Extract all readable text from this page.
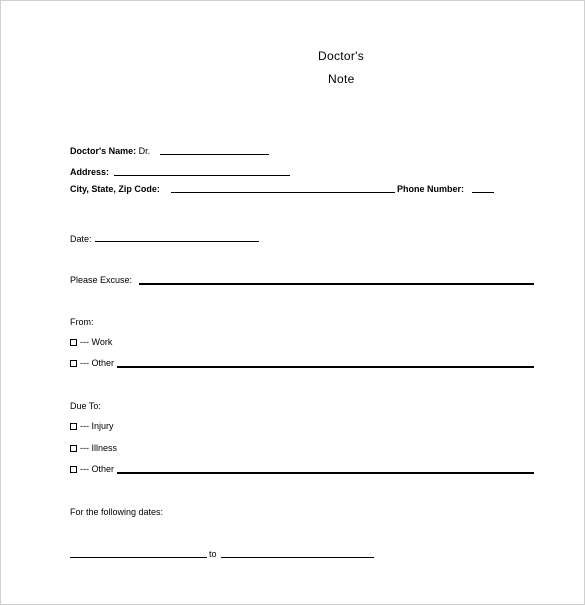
Doctor's
Note
Doctor's Name: Dr.
Address:
City, State, Zip Code:	Phone Number:
Date:
Please Excuse:
From:
--- Work
--- Other
Due To:
--- Injury
--- Illness
--- Other
For the following dates:
to
